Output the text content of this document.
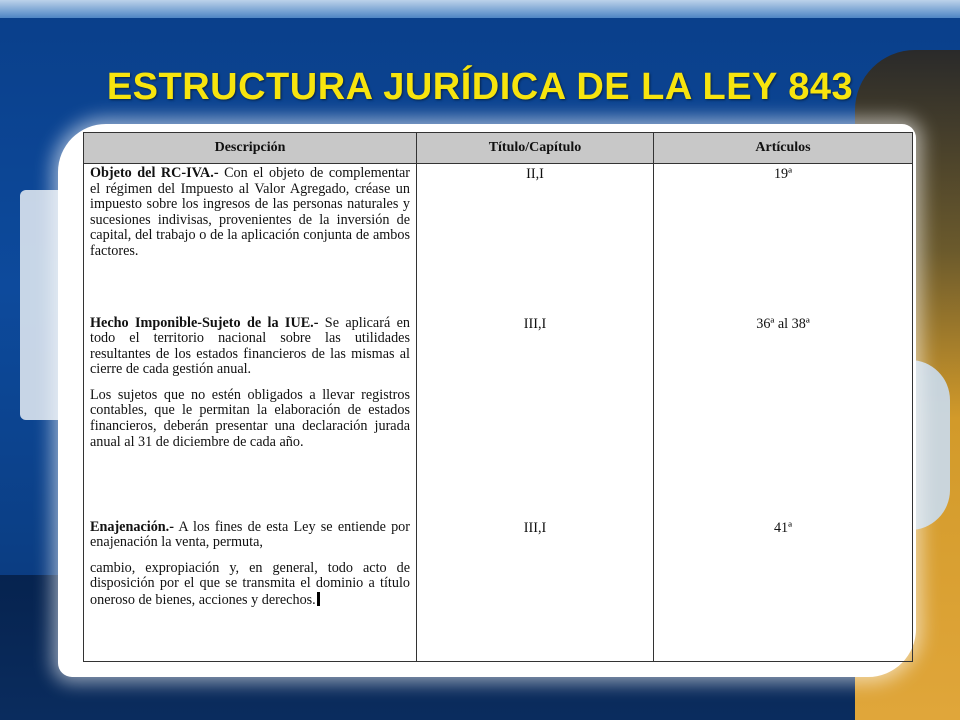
ESTRUCTURA JURÍDICA DE LA LEY 843
Descripción	Título/Capítulo	Artículos

Objeto del RC-IVA.- Con el objeto de complementar el régimen del Impuesto al Valor Agregado, créase un impuesto sobre los ingresos de las personas naturales y sucesiones indivisas, provenientes de la inversión de capital, del trabajo o de la aplicación conjunta de ambos factores.	II,I	19ª

Hecho Imponible-Sujeto de la IUE.- Se aplicará en todo el territorio nacional sobre las utilidades resultantes de los estados financieros de las mismas al cierre de cada gestión anual.

Los sujetos que no estén obligados a llevar registros contables, que le permitan la elaboración de estados financieros, deberán presentar una declaración jurada anual al 31 de diciembre de cada año.	III,I	36ª al 38ª

Enajenación.- A los fines de esta Ley se entiende por enajenación la venta, permuta,

cambio, expropiación y, en general, todo acto de disposición por el que se transmita el dominio a título oneroso de bienes, acciones y derechos.	III,I	41ª
